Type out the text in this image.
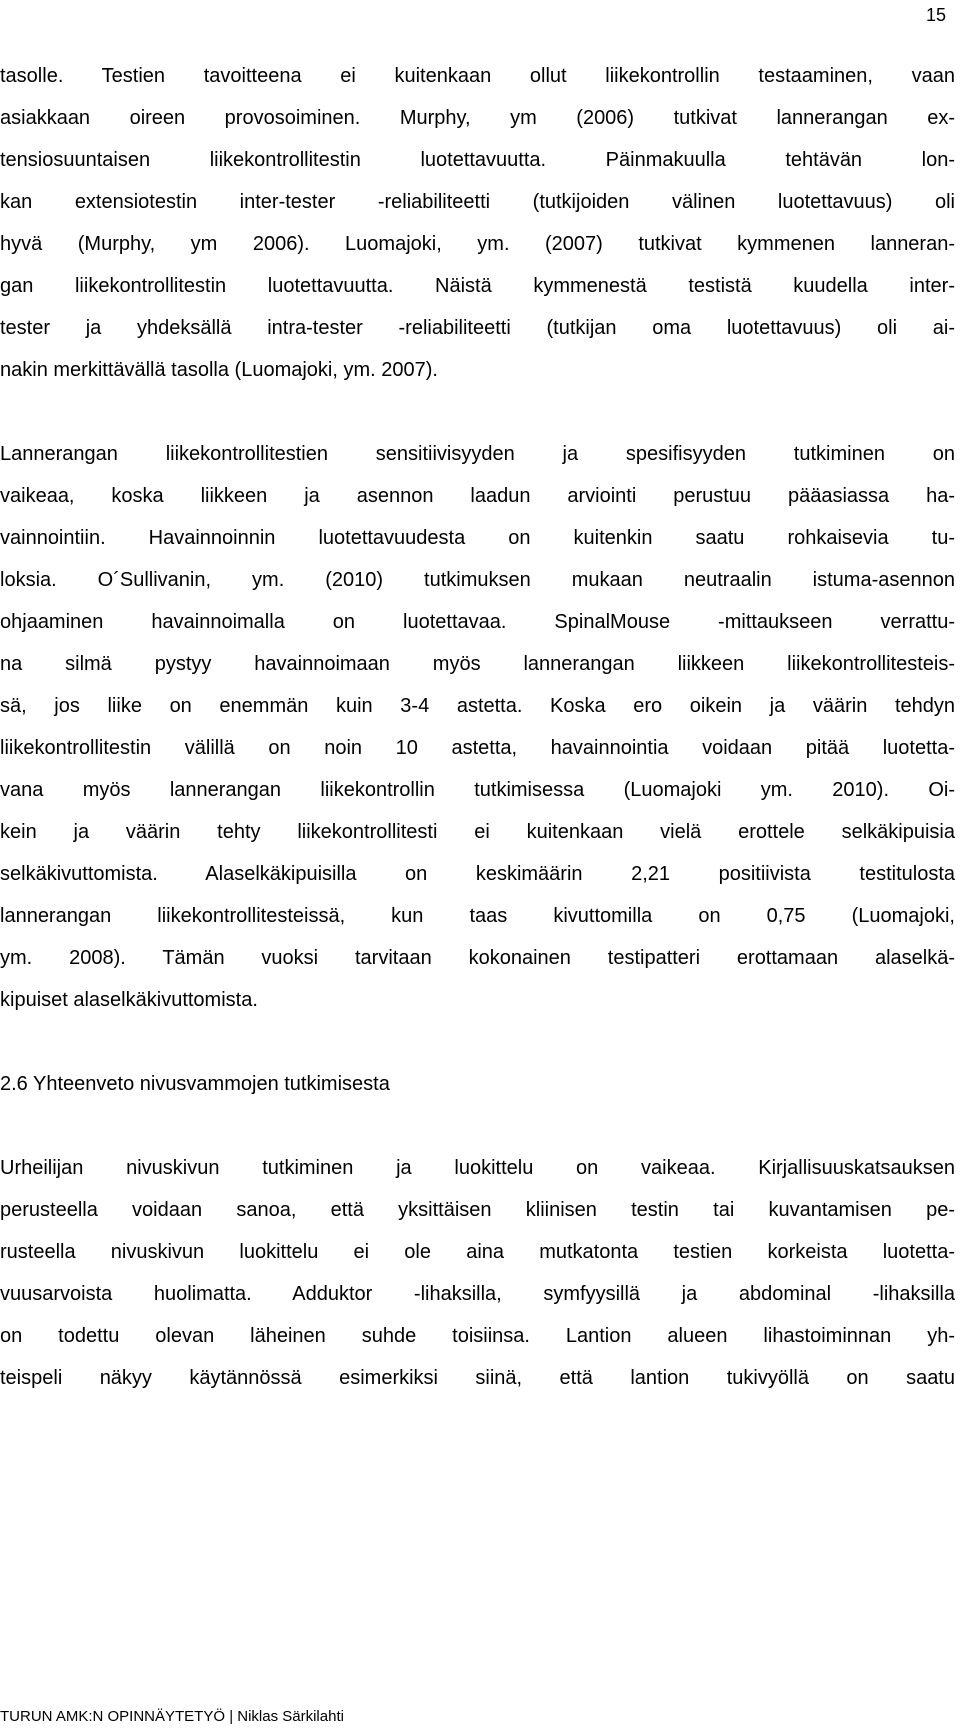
15
tasolle. Testien tavoitteena ei kuitenkaan ollut liikekontrollin testaaminen, vaan
asiakkaan oireen provosoiminen. Murphy, ym (2006) tutkivat lannerangan ex-
tensiosuuntaisen liikekontrollitestin luotettavuutta. Päinmakuulla tehtävän lon-
kan extensiotestin inter-tester -reliabiliteetti (tutkijoiden välinen luotettavuus) oli
hyvä (Murphy, ym 2006). Luomajoki, ym. (2007) tutkivat kymmenen lanneran-
gan liikekontrollitestin luotettavuutta. Näistä kymmenestä testistä kuudella inter-
tester ja yhdeksällä intra-tester -reliabiliteetti (tutkijan oma luotettavuus) oli ai-
nakin merkittävällä tasolla (Luomajoki, ym. 2007).
Lannerangan liikekontrollitestien sensitiivisyyden ja spesifisyyden tutkiminen on
vaikeaa, koska liikkeen ja asennon laadun arviointi perustuu pääasiassa ha-
vainnointiin. Havainnoinnin luotettavuudesta on kuitenkin saatu rohkaisevia tu-
loksia. O´Sullivanin, ym. (2010) tutkimuksen mukaan neutraalin istuma-asennon
ohjaaminen havainnoimalla on luotettavaa. SpinalMouse -mittaukseen verrattu-
na silmä pystyy havainnoimaan myös lannerangan liikkeen liikekontrollitesteis-
sä, jos liike on enemmän kuin 3-4 astetta. Koska ero oikein ja väärin tehdyn
liikekontrollitestin välillä on noin 10 astetta, havainnointia voidaan pitää luotetta-
vana myös lannerangan liikekontrollin tutkimisessa (Luomajoki ym. 2010). Oi-
kein ja väärin tehty liikekontrollitesti ei kuitenkaan vielä erottele selkäkipuisia
selkäkivuttomista. Alaselkäkipuisilla on keskimäärin 2,21 positiivista testitulosta
lannerangan liikekontrollitesteissä, kun taas kivuttomilla on 0,75 (Luomajoki,
ym. 2008). Tämän vuoksi tarvitaan kokonainen testipatteri erottamaan alaselkä-
kipuiset alaselkäkivuttomista.
2.6 Yhteenveto nivusvammojen tutkimisesta
Urheilijan nivuskivun tutkiminen ja luokittelu on vaikeaa. Kirjallisuuskatsauksen
perusteella voidaan sanoa, että yksittäisen kliinisen testin tai kuvantamisen pe-
rusteella nivuskivun luokittelu ei ole aina mutkatonta testien korkeista luotetta-
vuusarvoista huolimatta. Adduktor -lihaksilla, symfyysillä ja abdominal -lihaksilla
on todettu olevan läheinen suhde toisiinsa. Lantion alueen lihastoiminnan yh-
teispeli näkyy käytännössä esimerkiksi siinä, että lantion tukivyöllä on saatu
TURUN AMK:N OPINNÄYTETYÖ | Niklas Särkilahti
